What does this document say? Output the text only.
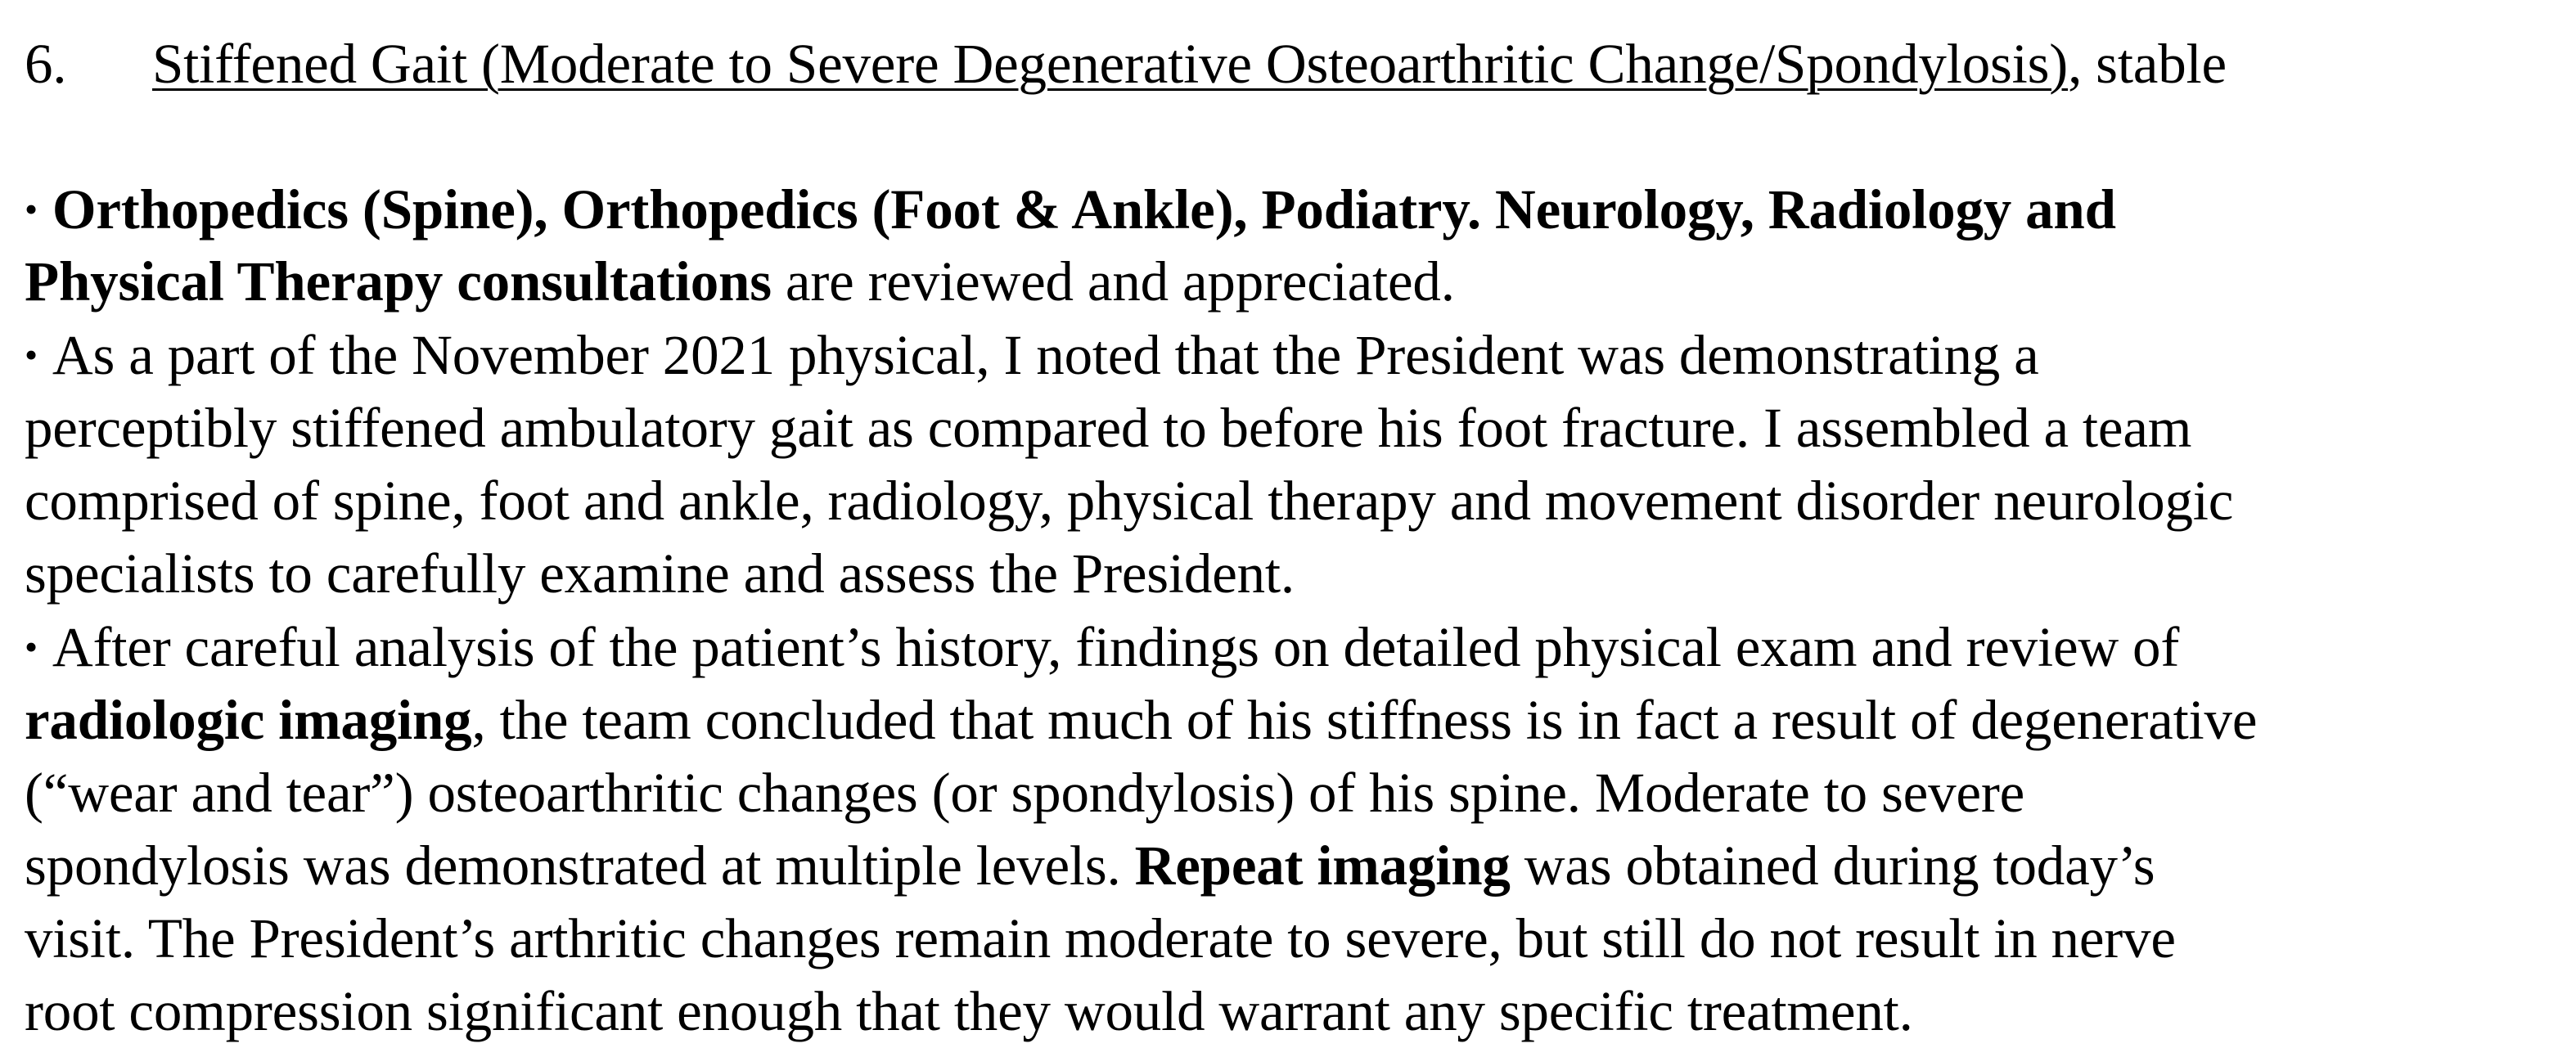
6. Stiffened Gait (Moderate to Severe Degenerative Osteoarthritic Change/Spondylosis), stable
• Orthopedics (Spine), Orthopedics (Foot & Ankle), Podiatry. Neurology, Radiology and
Physical Therapy consultations are reviewed and appreciated.
• As a part of the November 2021 physical, I noted that the President was demonstrating a
perceptibly stiffened ambulatory gait as compared to before his foot fracture. I assembled a team
comprised of spine, foot and ankle, radiology, physical therapy and movement disorder neurologic
specialists to carefully examine and assess the President.
• After careful analysis of the patient’s history, findings on detailed physical exam and review of
radiologic imaging, the team concluded that much of his stiffness is in fact a result of degenerative
(“wear and tear”) osteoarthritic changes (or spondylosis) of his spine. Moderate to severe
spondylosis was demonstrated at multiple levels. Repeat imaging was obtained during today’s
visit. The President’s arthritic changes remain moderate to severe, but still do not result in nerve
root compression significant enough that they would warrant any specific treatment.
